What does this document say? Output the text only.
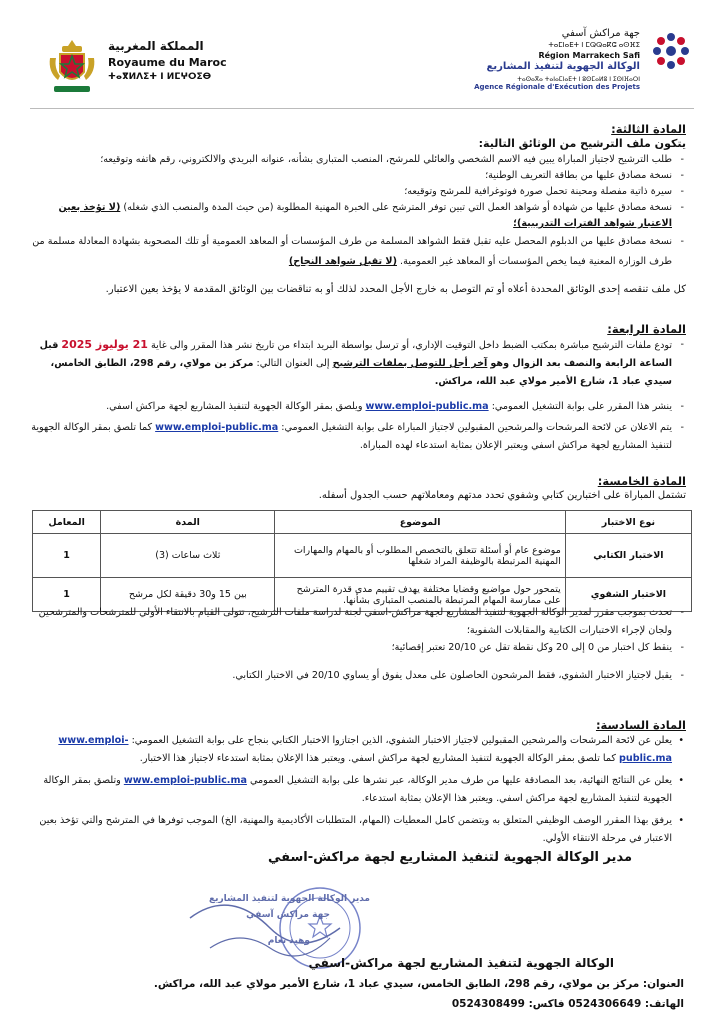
جهة مراكش آسفي
ⵜⴰⵎⵏⴰⴹⵜ ⵏ ⵎⵕⵕⴰⴽⵛ ⴰⵙⴼⵉ
Région Marrakech Safi
الوكالة الجهوية لتنفيذ المشاريع
ⵜⴰⵙⴰⴳⴰ ⵜⴰⵏⴰⵎⵏⴰⴹⵜ ⵏ ⵓⵙⵎⴰⵍⵓ ⵏ ⵉⵙⵏⴼⴰⵔⵏ
Agence Régionale d'Exécution des Projets
المملكة المغربية
Royaume du Maroc
ⵜⴰⴳⵍⴷⵉⵜ ⵏ ⵍⵎⵖⵔⵉⴱ
المادة الثالثة:
يتكون ملف الترشيح من الوثائق التالية:
- طلب الترشيح لاجتياز المباراة يبين فيه الاسم الشخصي والعائلي للمرشح، المنصب المتبارى بشأنه، عنوانه البريدي والالكتروني، رقم هاتفه وتوقيعه؛
- نسخة مصادق عليها من بطاقة التعريف الوطنية؛
- سيرة ذاتية مفصلة ومحينة تحمل صورة فوتوغرافية للمرشح وتوقيعه؛
- نسخة مصادق عليها من شهادة أو شواهد العمل التي تبين توفر المترشح على الخبرة المهنية المطلوبة (من حيث المدة والمنصب الذي شغله) (لا تؤخذ بعين الاعتبار شواهد الفترات التدريبية)؛
- نسخة مصادق عليها من الدبلوم المحصل عليه تقبل فقط الشواهد المسلمة من طرف المؤسسات أو المعاهد العمومية أو تلك المصحوبة بشهادة المعادلة مسلمة من طرف الوزارة المعنية فيما يخص المؤسسات أو المعاهد غير العمومية. (لا تقبل شواهد النجاح)
كل ملف تنقصه إحدى الوثائق المحددة أعلاه أو تم التوصل به خارج الأجل المحدد لذلك أو به تناقضات بين الوثائق المقدمة لا يؤخذ بعين الاعتبار.
المادة الرابعة:
- تودع ملفات الترشيح مباشرة بمكتب الضبط داخل التوقيت الإداري، أو ترسل بواسطة البريد ابتداء من تاريخ نشر هذا المقرر والى غاية 21 يوليوز 2025 قبل الساعة الرابعة والنصف بعد الزوال وهو آخر أجل للتوصل بملفات الترشيح إلى العنوان التالي: مركز بن مولاي، رقم 298، الطابق الخامس، سيدي عباد 1، شارع الأمير مولاي عبد الله، مراكش.
- ينشر هذا المقرر على بوابة التشغيل العمومي: www.emploi-public.ma ويلصق بمقر الوكالة الجهوية لتنفيذ المشاريع لجهة مراكش اسفي.
- يتم الاعلان عن لائحة المرشحات والمرشحين المقبولين لاجتياز المباراة على بوابة التشغيل العمومي: www.emploi-public.ma كما تلصق بمقر الوكالة الجهوية لتنفيذ المشاريع لجهة مراكش اسفي ويعتبر الإعلان بمثابة استدعاء لهده المباراة.
المادة الخامسة:
تشتمل المباراة على اختبارين كتابي وشفوي تحدد مدتهم ومعاملاتهم حسب الجدول أسفله.
نوع الاختبار	الموضوع	المدة	المعامل
الاختبار الكتابي	موضوع عام أو أسئلة تتعلق بالتخصص المطلوب أو بالمهام والمهارات المهنية المرتبطة بالوظيفة المراد شغلها	ثلاث ساعات (3)	1
الاختبار الشفوي	يتمحور حول مواضيع وقضايا مختلفة يهدف تقييم مدى قدرة المترشح على ممارسة المهام المرتبطة بالمنصب المتبارى بشأنها.	بين 15 و30 دقيقة لكل مرشح	1
- تحدث بموجب مقرر لمدير الوكالة الجهوية لتنفيذ المشاريع لجهة مراكش-اسفي لجنة لدراسة ملفات الترشيح، تتولى القيام بالانتقاء الأولي للمترشحات والمترشحين ولجان لإجراء الاختبارات الكتابية والمقابلات الشفوية؛
- ينقط كل اختبار من 0 إلى 20 وكل نقطة تقل عن 20/10 تعتبر إقصائية؛
- يقبل لاجتياز الاختبار الشفوي، فقط المرشحون الحاصلون على معدل يفوق أو يساوي 20/10 في الاختبار الكتابي.
المادة السادسة:
• يعلن عن لائحة المرشحات والمرشحين المقبولين لاجتياز الاختبار الشفوي، الذين اجتازوا الاختبار الكتابي بنجاح على بوابة التشغيل العمومي: www.emploi-public.ma كما تلصق بمقر الوكالة الجهوية لتنفيذ المشاريع لجهة مراكش اسفي. ويعتبر هذا الإعلان بمثابة استدعاء لاجتياز هذا الاختبار.
• يعلن عن النتائج النهائية، بعد المصادقة عليها من طرف مدير الوكالة، عبر نشرها على بوابة التشغيل العمومي www.emploi-public.ma وتلصق بمقر الوكالة الجهوية لتنفيذ المشاريع لجهة مراكش اسفي. ويعتبر هذا الإعلان بمثابة استدعاء.
• يرفق بهذا المقرر الوصف الوظيفي المتعلق به ويتضمن كامل المعطيات (المهام، المتطلبات الأكاديمية والمهنية، الخ) الموجب توفرها في المترشح والتي تؤخذ بعين الاعتبار في مرحلة الانتقاء الأولي.
مدير الوكالة الجهوية لتنفيذ المشاريع لجهة مراكش-اسفي
مدير الوكالة الجهوية لتنفيذ المشاريع
جهة مراكش آسفي
وهيد نعام
الوكالة الجهوية لتنفيذ المشاريع لجهة مراكش-اسفي
العنوان: مركز بن مولاي، رقم 298، الطابق الخامس، سيدي عباد 1، شارع الأمير مولاي عبد الله، مراكش.
الهاتف: 0524306649 فاكس: 0524308499
